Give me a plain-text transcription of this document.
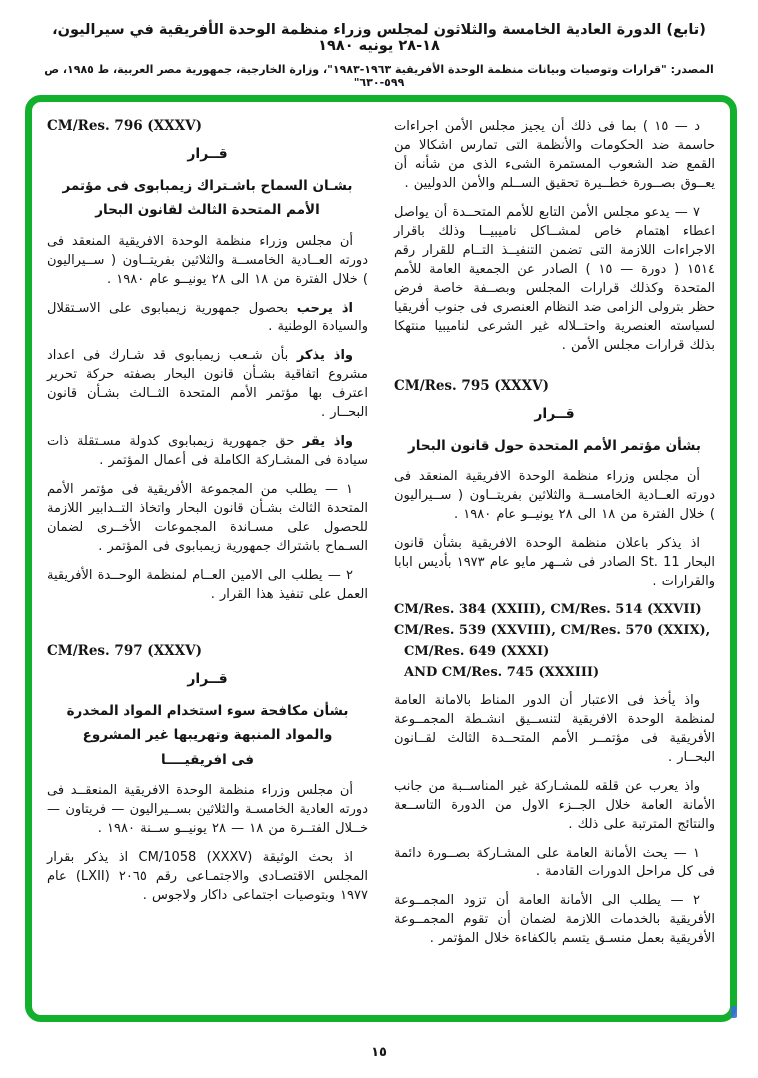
(تابع) الدورة العادية الخامسة والثلاثون لمجلس وزراء منظمة الوحدة الأفريقية في سيراليون، ١٨-٢٨ يونيه ١٩٨٠
المصدر: "قرارات وتوصيات وبيانات منظمة الوحدة الأفريقية ١٩٦٣-١٩٨٣"، وزارة الخارجية، جمهورية مصر العربية، ط ١٩٨٥، ص ٥٩٩-٦٣٠"

د — ١٥ ) بما فى ذلك أن يجيز مجلس الأمن اجراءات حاسمة ضد الحكومات والأنظمة التى تمارس اشكالا من القمع ضد الشعوب المستمرة الشىء الذى من شأنه أن يعــوق بصــورة خطــيرة تحقيق الســلم والأمن الدوليين .

٧ — يدعو مجلس الأمن التابع للأمم المتحــدة أن يواصل اعطاء اهتمام خاص لمشــاكل ناميبيــا وذلك باقرار الاجراءات اللازمة التى تضمن التنفيــذ التــام للقرار رقم ١٥١٤ ( دورة — ١٥ ) الصادر عن الجمعية العامة للأمم المتحدة وكذلك قرارات المجلس وبصــفة خاصة فرض حظر بترولى الزامى ضد النظام العنصرى فى جنوب أفريقيا لسياسته العنصرية واحتــلاله غير الشرعى لناميبيا منتهكا بذلك قرارات مجلس الأمن .

CM/Res. 795 (XXXV)
قــرار
بشأن مؤتمر الأمم المتحدة حول قانون البحار

أن مجلس وزراء منظمة الوحدة الافريقية المنعقد فى دورته العــادية الخامســة والثلاثين بفريتــاون ( ســيراليون ) خلال الفترة من ١٨ الى ٢٨ يونيــو عام ١٩٨٠ .

اذ يذكر باعلان منظمة الوحدة الافريقية بشأن قانون البحار St. 11 الصادر فى شــهر مايو عام ١٩٧٣ بأديس ابابا والقرارات .

CM/Res. 384 (XXIII), CM/Res. 514 (XXVII)
CM/Res. 539 (XXVIII), CM/Res. 570 (XXIX),
CM/Res. 649 (XXXI)
AND CM/Res. 745 (XXXIII)

واذ يأخذ فى الاعتبار أن الدور المناط بالامانة العامة لمنظمة الوحدة الافريقية لتنســيق انشـطة المجمــوعة الأفريقية فى مؤتمــر الأمم المتحــدة الثالث لقــانون البحــار .

واذ يعرب عن قلقه للمشـاركة غير المناســبة من جانب الأمانة العامة خلال الجــزء الاول من الدورة التاســعة والنتائج المترتبة على ذلك .

١ — يحث الأمانة العامة على المشـاركة بصــورة دائمة فى كل مراحل الدورات القادمة .

٢ — يطلب الى الأمانة العامة أن تزود المجمــوعة الأفريقية بالخدمات اللازمة لضمان أن تقوم المجمــوعة الأفريقية بعمل منسـق يتسم بالكفاءة خلال المؤتمر .

CM/Res. 796 (XXXV)
قــرار
بشـان السماح باشـتراك زيمبابوى فى مؤتمر
الأمم المتحدة الثالث لقانون البحار

أن مجلس وزراء منظمة الوحدة الافريقية المنعقد فى دورته العــادية الخامســة والثلاثين بفريتــاون ( ســيراليون ) خلال الفترة من ١٨ الى ٢٨ يونيــو عام ١٩٨٠ .

اذ يرحب بحصول جمهورية زيمبابوى على الاسـتقلال والسيادة الوطنية .

واذ يذكر بأن شـعب زيمبابوى قد شـارك فى اعداد مشروع اتفاقية بشـأن قانون البحار بصفته حركة تحرير اعترف بها مؤتمر الأمم المتحدة الثــالث بشـأن قانون البحــار .

واذ يقر حق جمهورية زيمبابوى كدولة مسـتقلة ذات سيادة فى المشـاركة الكاملة فى أعمال المؤتمر .

١ — يطلب من المجموعة الأفريقية فى مؤتمر الأمم المتحدة الثالث بشـأن قانون البحار واتخاذ التــدابير اللازمة للحصول على مسـاندة المجموعات الأخــرى لضمان السـماح باشتراك جمهورية زيمبابوى فى المؤتمر .

٢ — يطلب الى الامين العــام لمنظمة الوحــدة الأفريقية العمل على تنفيذ هذا القرار .

CM/Res. 797 (XXXV)
قــرار
بشأن مكافحة سوء استخدام المواد المخدرة
والمواد المنبهة وتهريبها غير المشروع
فى افريقيــــا

أن مجلس وزراء منظمة الوحدة الافريقية المنعقــد فى دورته العادية الخامسـة والثلاثين بســيراليون — فريتاون — خــلال الفتــرة من ١٨ — ٢٨ يونيــو ســنة ١٩٨٠ .

اذ بحث الوثيقة CM/1058 (XXXV) اذ يذكر بقرار المجلس الاقتصـادى والاجتمـاعى رقم ٢٠٦٥ (LXII) عام ١٩٧٧ وبتوصيات اجتماعى داكار ولاجوس .

١٥
